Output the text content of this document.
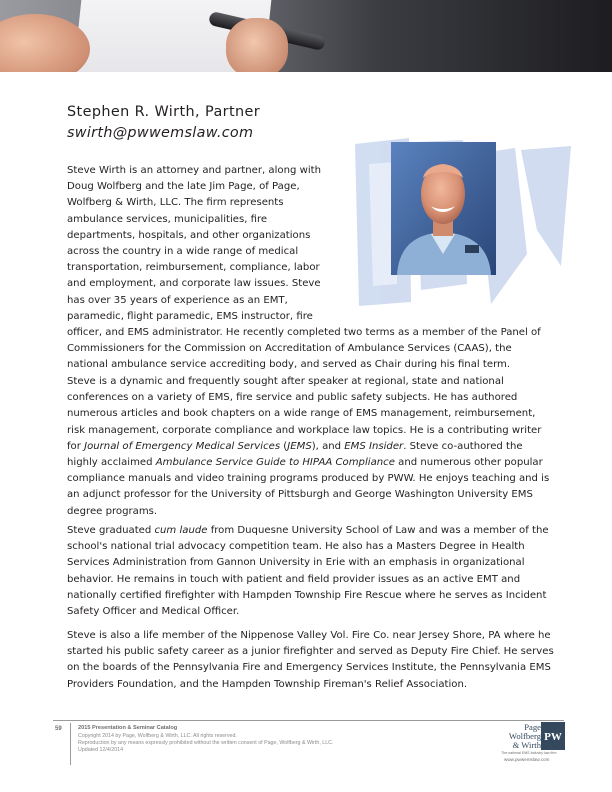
Stephen R. Wirth, Partner
swirth@pwwemslaw.com
Steve Wirth is an attorney and partner, along with
Doug Wolfberg and the late Jim Page, of Page,
Wolfberg & Wirth, LLC. The firm represents
ambulance services, municipalities, fire
departments, hospitals, and other organizations
across the country in a wide range of medical
transportation, reimbursement, compliance, labor
and employment, and corporate law issues. Steve
has over 35 years of experience as an EMT,
paramedic, flight paramedic, EMS instructor, fire
officer, and EMS administrator. He recently completed two terms as a member of the Panel of
Commissioners for the Commission on Accreditation of Ambulance Services (CAAS), the
national ambulance service accrediting body, and served as Chair during his final term.
Steve is a dynamic and frequently sought after speaker at regional, state and national
conferences on a variety of EMS, fire service and public safety subjects. He has authored
numerous articles and book chapters on a wide range of EMS management, reimbursement,
risk management, corporate compliance and workplace law topics. He is a contributing writer
for Journal of Emergency Medical Services (JEMS), and EMS Insider. Steve co-authored the
highly acclaimed Ambulance Service Guide to HIPAA Compliance and numerous other popular
compliance manuals and video training programs produced by PWW. He enjoys teaching and is
an adjunct professor for the University of Pittsburgh and George Washington University EMS
degree programs.
Steve graduated cum laude from Duquesne University School of Law and was a member of the
school's national trial advocacy competition team. He also has a Masters Degree in Health
Services Administration from Gannon University in Erie with an emphasis in organizational
behavior. He remains in touch with patient and field provider issues as an active EMT and
nationally certified firefighter with Hampden Township Fire Rescue where he serves as Incident
Safety Officer and Medical Officer.
Steve is also a life member of the Nippenose Valley Vol. Fire Co. near Jersey Shore, PA where he
started his public safety career as a junior firefighter and served as Deputy Fire Chief. He serves
on the boards of the Pennsylvania Fire and Emergency Services Institute, the Pennsylvania EMS
Providers Foundation, and the Hampden Township Fireman's Relief Association.
59	2015 Presentation & Seminar Catalog
Copyright 2014 by Page, Wolfberg & Wirth, LLC. All rights reserved.
Reproduction by any means expressly prohibited without the written consent of Page, Wolfberg & Wirth, LLC.
Updated 12/4/2014
Page
Wolfberg
& Wirth
PW
The national EMS industry law firm
www.pwwemslaw.com
